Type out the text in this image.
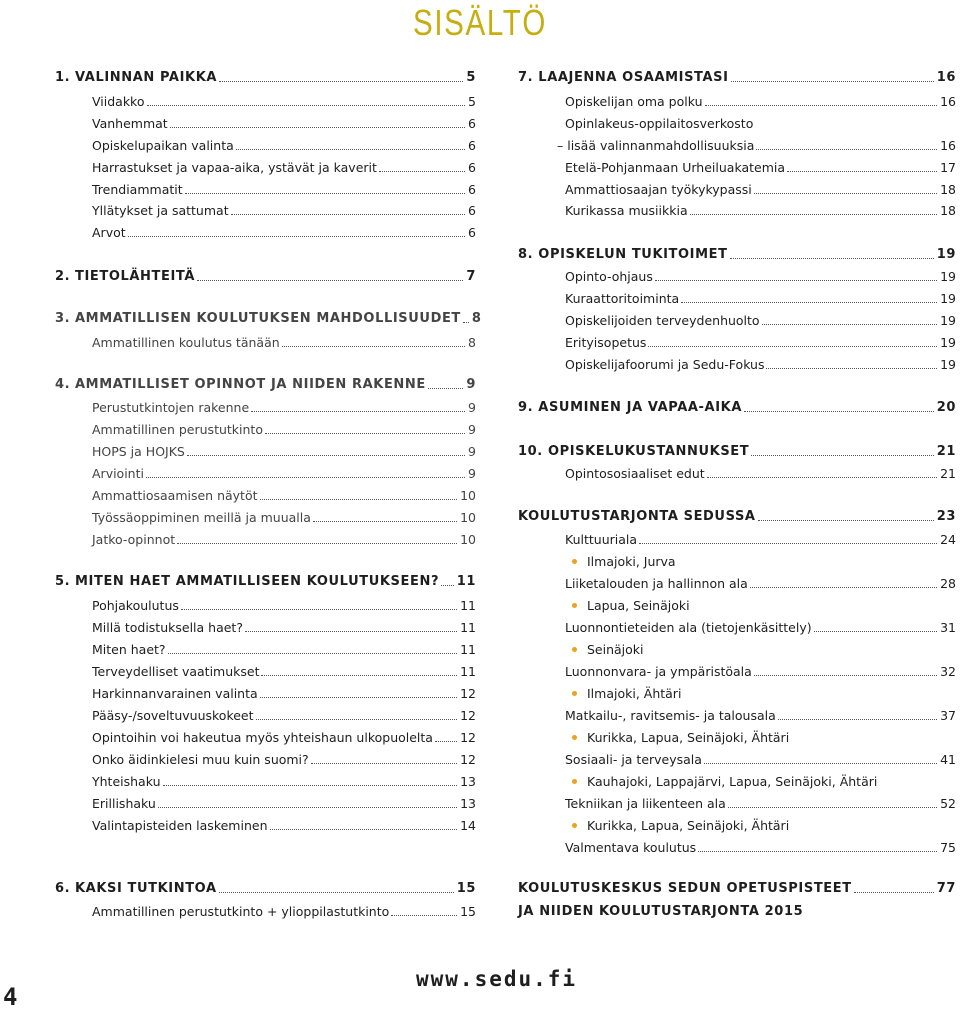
SISÄLTÖ
1. VALINNAN PAIKKA	5
Viidakko	5
Vanhemmat	6
Opiskelupaikan valinta	6
Harrastukset ja vapaa-aika, ystävät ja kaverit	6
Trendiammatit	6
Yllätykset ja sattumat	6
Arvot	6
2. TIETOLÄHTEITÄ	7
3. AMMATILLISEN KOULUTUKSEN MAHDOLLISUUDET 8
Ammatillinen koulutus tänään	8
4. AMMATILLISET OPINNOT JA NIIDEN RAKENNE	9
Perustutkintojen rakenne	9
Ammatillinen perustutkinto	9
HOPS ja HOJKS	9
Arviointi	9
Ammattiosaamisen näytöt	10
Työssäoppiminen meillä ja muualla	10
Jatko-opinnot	10
5. MITEN HAET AMMATILLISEEN KOULUTUKSEEN? 11
Pohjakoulutus	11
Millä todistuksella haet?	11
Miten haet?	11
Terveydelliset vaatimukset	11
Harkinnanvarainen valinta	12
Pääsy-/soveltuvuuskokeet	12
Opintoihin voi hakeutua myös yhteishaun ulkopuolelta 12
Onko äidinkielesi muu kuin suomi?	12
Yhteishaku	13
Erillishaku	13
Valintapisteiden laskeminen	14
6. KAKSI TUTKINTOA	15
Ammatillinen perustutkinto + ylioppilastutkinto	15
7. LAAJENNA OSAAMISTASI	16
Opiskelijan oma polku	16
Opinlakeus-oppilaitosverkosto
– lisää valinnanmahdollisuuksia	16
Etelä-Pohjanmaan Urheiluakatemia	17
Ammattiosaajan työkykypassi	18
Kurikassa musiikkia	18
8. OPISKELUN TUKITOIMET	19
Opinto-ohjaus	19
Kuraattoritoiminta	19
Opiskelijoiden terveydenhuolto	19
Erityisopetus	19
Opiskelijafoorumi ja Sedu-Fokus	19
9. ASUMINEN JA VAPAA-AIKA	20
10. OPISKELUKUSTANNUKSET	21
Opintososiaaliset edut	21
KOULUTUSTARJONTA SEDUSSA	23
Kulttuuriala	24
Ilmajoki, Jurva
Liiketalouden ja hallinnon ala	28
Lapua, Seinäjoki
Luonnontieteiden ala (tietojenkäsittely)	31
Seinäjoki
Luonnonvara- ja ympäristöala	32
Ilmajoki, Ähtäri
Matkailu-, ravitsemis- ja talousala	37
Kurikka, Lapua, Seinäjoki, Ähtäri
Sosiaali- ja terveysala	41
Kauhajoki, Lappajärvi, Lapua, Seinäjoki, Ähtäri
Tekniikan ja liikenteen ala	52
Kurikka, Lapua, Seinäjoki, Ähtäri
Valmentava koulutus	75
KOULUTUSKESKUS SEDUN OPETUSPISTEET	77
JA NIIDEN KOULUTUSTARJONTA 2015
www.sedu.fi
4
